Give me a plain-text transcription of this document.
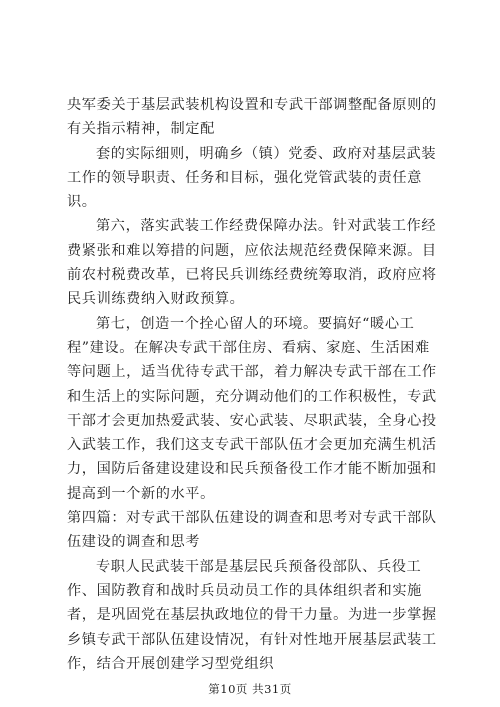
央军委关于基层武装机构设置和专武干部调整配备原则的有关指示精神，制定配

套的实际细则，明确乡（镇）党委、政府对基层武装工作的领导职责、任务和目标，强化党管武装的责任意识。

第六，落实武装工作经费保障办法。针对武装工作经费紧张和难以筹措的问题，应依法规范经费保障来源。目前农村税费改革，已将民兵训练经费统筹取消，政府应将民兵训练费纳入财政预算。

第七，创造一个拴心留人的环境。要搞好“暖心工程”建设。在解决专武干部住房、看病、家庭、生活困难等问题上，适当优待专武干部，着力解决专武干部在工作和生活上的实际问题，充分调动他们的工作积极性，专武干部才会更加热爱武装、安心武装、尽职武装，全身心投入武装工作，我们这支专武干部队伍才会更加充满生机活力，国防后备建设建设和民兵预备役工作才能不断加强和提高到一个新的水平。

第四篇：对专武干部队伍建设的调查和思考对专武干部队伍建设的调查和思考

专职人民武装干部是基层民兵预备役部队、兵役工作、国防教育和战时兵员动员工作的具体组织者和实施者，是巩固党在基层执政地位的骨干力量。为进一步掌握乡镇专武干部队伍建设情况，有针对性地开展基层武装工作，结合开展创建学习型党组织

第10页 共31页
